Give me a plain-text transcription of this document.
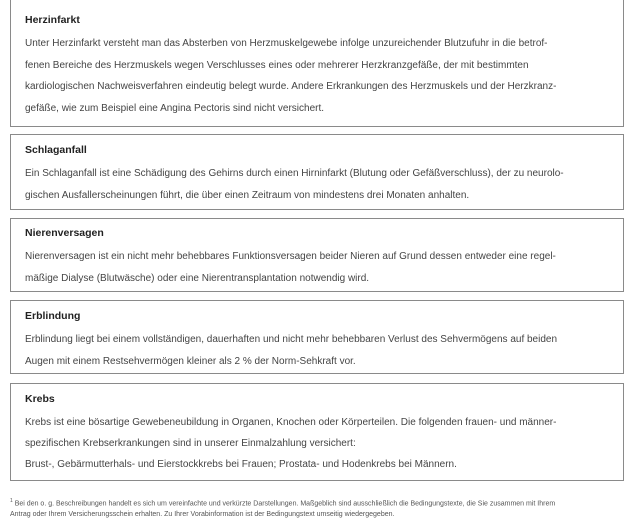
Herzinfarkt

Unter Herzinfarkt versteht man das Absterben von Herzmuskelgewebe infolge unzureichender Blutzufuhr in die betrof-
fenen Bereiche des Herzmuskels wegen Verschlusses eines oder mehrerer Herzkranzgefäße, der mit bestimmten
kardiologischen Nachweisverfahren eindeutig belegt wurde. Andere Erkrankungen des Herzmuskels und der Herzkranz-
gefäße, wie zum Beispiel eine Angina Pectoris sind nicht versichert.

Schlaganfall

Ein Schlaganfall ist eine Schädigung des Gehirns durch einen Hirninfarkt (Blutung oder Gefäßverschluss), der zu neurolo-
gischen Ausfallerscheinungen führt, die über einen Zeitraum von mindestens drei Monaten anhalten.

Nierenversagen

Nierenversagen ist ein nicht mehr behebbares Funktionsversagen beider Nieren auf Grund dessen entweder eine regel-
mäßige Dialyse (Blutwäsche) oder eine Nierentransplantation notwendig wird.

Erblindung

Erblindung liegt bei einem vollständigen, dauerhaften und nicht mehr behebbaren Verlust des Sehvermögens auf beiden
Augen mit einem Restsehvermögen kleiner als 2 % der Norm-Sehkraft vor.

Krebs

Krebs ist eine bösartige Gewebeneubildung in Organen, Knochen oder Körperteilen. Die folgenden frauen- und männer-
spezifischen Krebserkrankungen sind in unserer Einmalzahlung versichert:
Brust-, Gebärmutterhals- und Eierstockkrebs bei Frauen; Prostata- und Hodenkrebs bei Männern.

$^1$ Bei den o. g. Beschreibungen handelt es sich um vereinfachte und verkürzte Darstellungen. Maßgeblich sind ausschließlich die Bedingungstexte, die Sie zusammen mit Ihrem
Antrag oder Ihrem Versicherungsschein erhalten. Zu Ihrer Vorabinformation ist der Bedingungstext umseitig wiedergegeben.
